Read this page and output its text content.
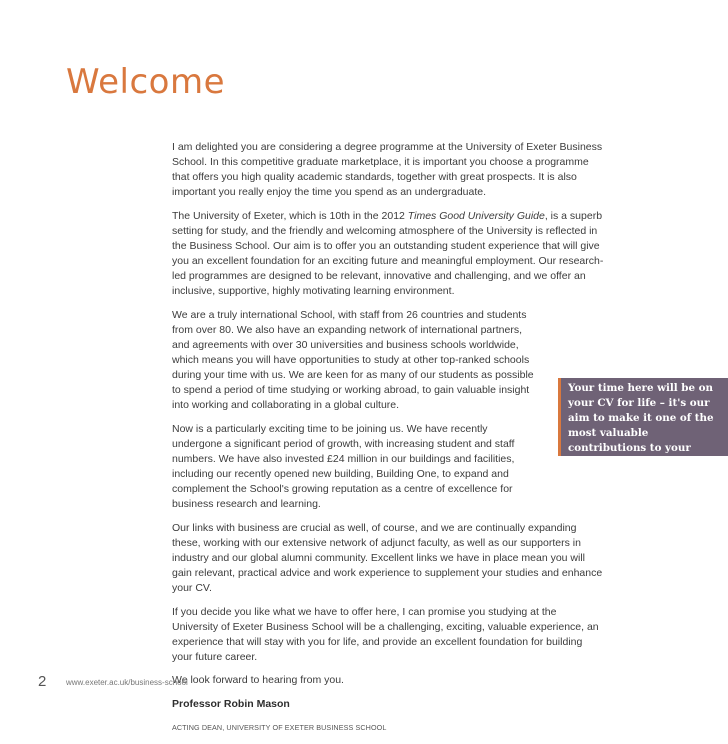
Welcome

I am delighted you are considering a degree programme at the University of Exeter Business School. In this competitive graduate marketplace, it is important you choose a programme that offers you high quality academic standards, together with great prospects. It is also important you really enjoy the time you spend as an undergraduate.

The University of Exeter, which is 10th in the 2012 Times Good University Guide, is a superb setting for study, and the friendly and welcoming atmosphere of the University is reflected in the Business School. Our aim is to offer you an outstanding student experience that will give you an excellent foundation for an exciting future and meaningful employment. Our research-led programmes are designed to be relevant, innovative and challenging, and we offer an inclusive, supportive, highly motivating learning environment.

We are a truly international School, with staff from 26 countries and students from over 80. We also have an expanding network of international partners, and agreements with over 30 universities and business schools worldwide, which means you will have opportunities to study at other top-ranked schools during your time with us. We are keen for as many of our students as possible to spend a period of time studying or working abroad, to gain valuable insight into working and collaborating in a global culture.

Now is a particularly exciting time to be joining us. We have recently undergone a significant period of growth, with increasing student and staff numbers. We have also invested £24 million in our buildings and facilities, including our recently opened new building, Building One, to expand and complement the School's growing reputation as a centre of excellence for business research and learning.

Our links with business are crucial as well, of course, and we are continually expanding these, working with our extensive network of adjunct faculty, as well as our supporters in industry and our global alumni community. Excellent links we have in place mean you will gain relevant, practical advice and work experience to supplement your studies and enhance your CV.

If you decide you like what we have to offer here, I can promise you studying at the University of Exeter Business School will be a challenging, exciting, valuable experience, an experience that will stay with you for life, and provide an excellent foundation for building your future career.

We look forward to hearing from you.

Professor Robin Mason

ACTING DEAN, UNIVERSITY OF EXETER BUSINESS SCHOOL

Your time here will be on your CV for life – it's our aim to make it one of the most valuable contributions to your future success.
2 www.exeter.ac.uk/business-school
